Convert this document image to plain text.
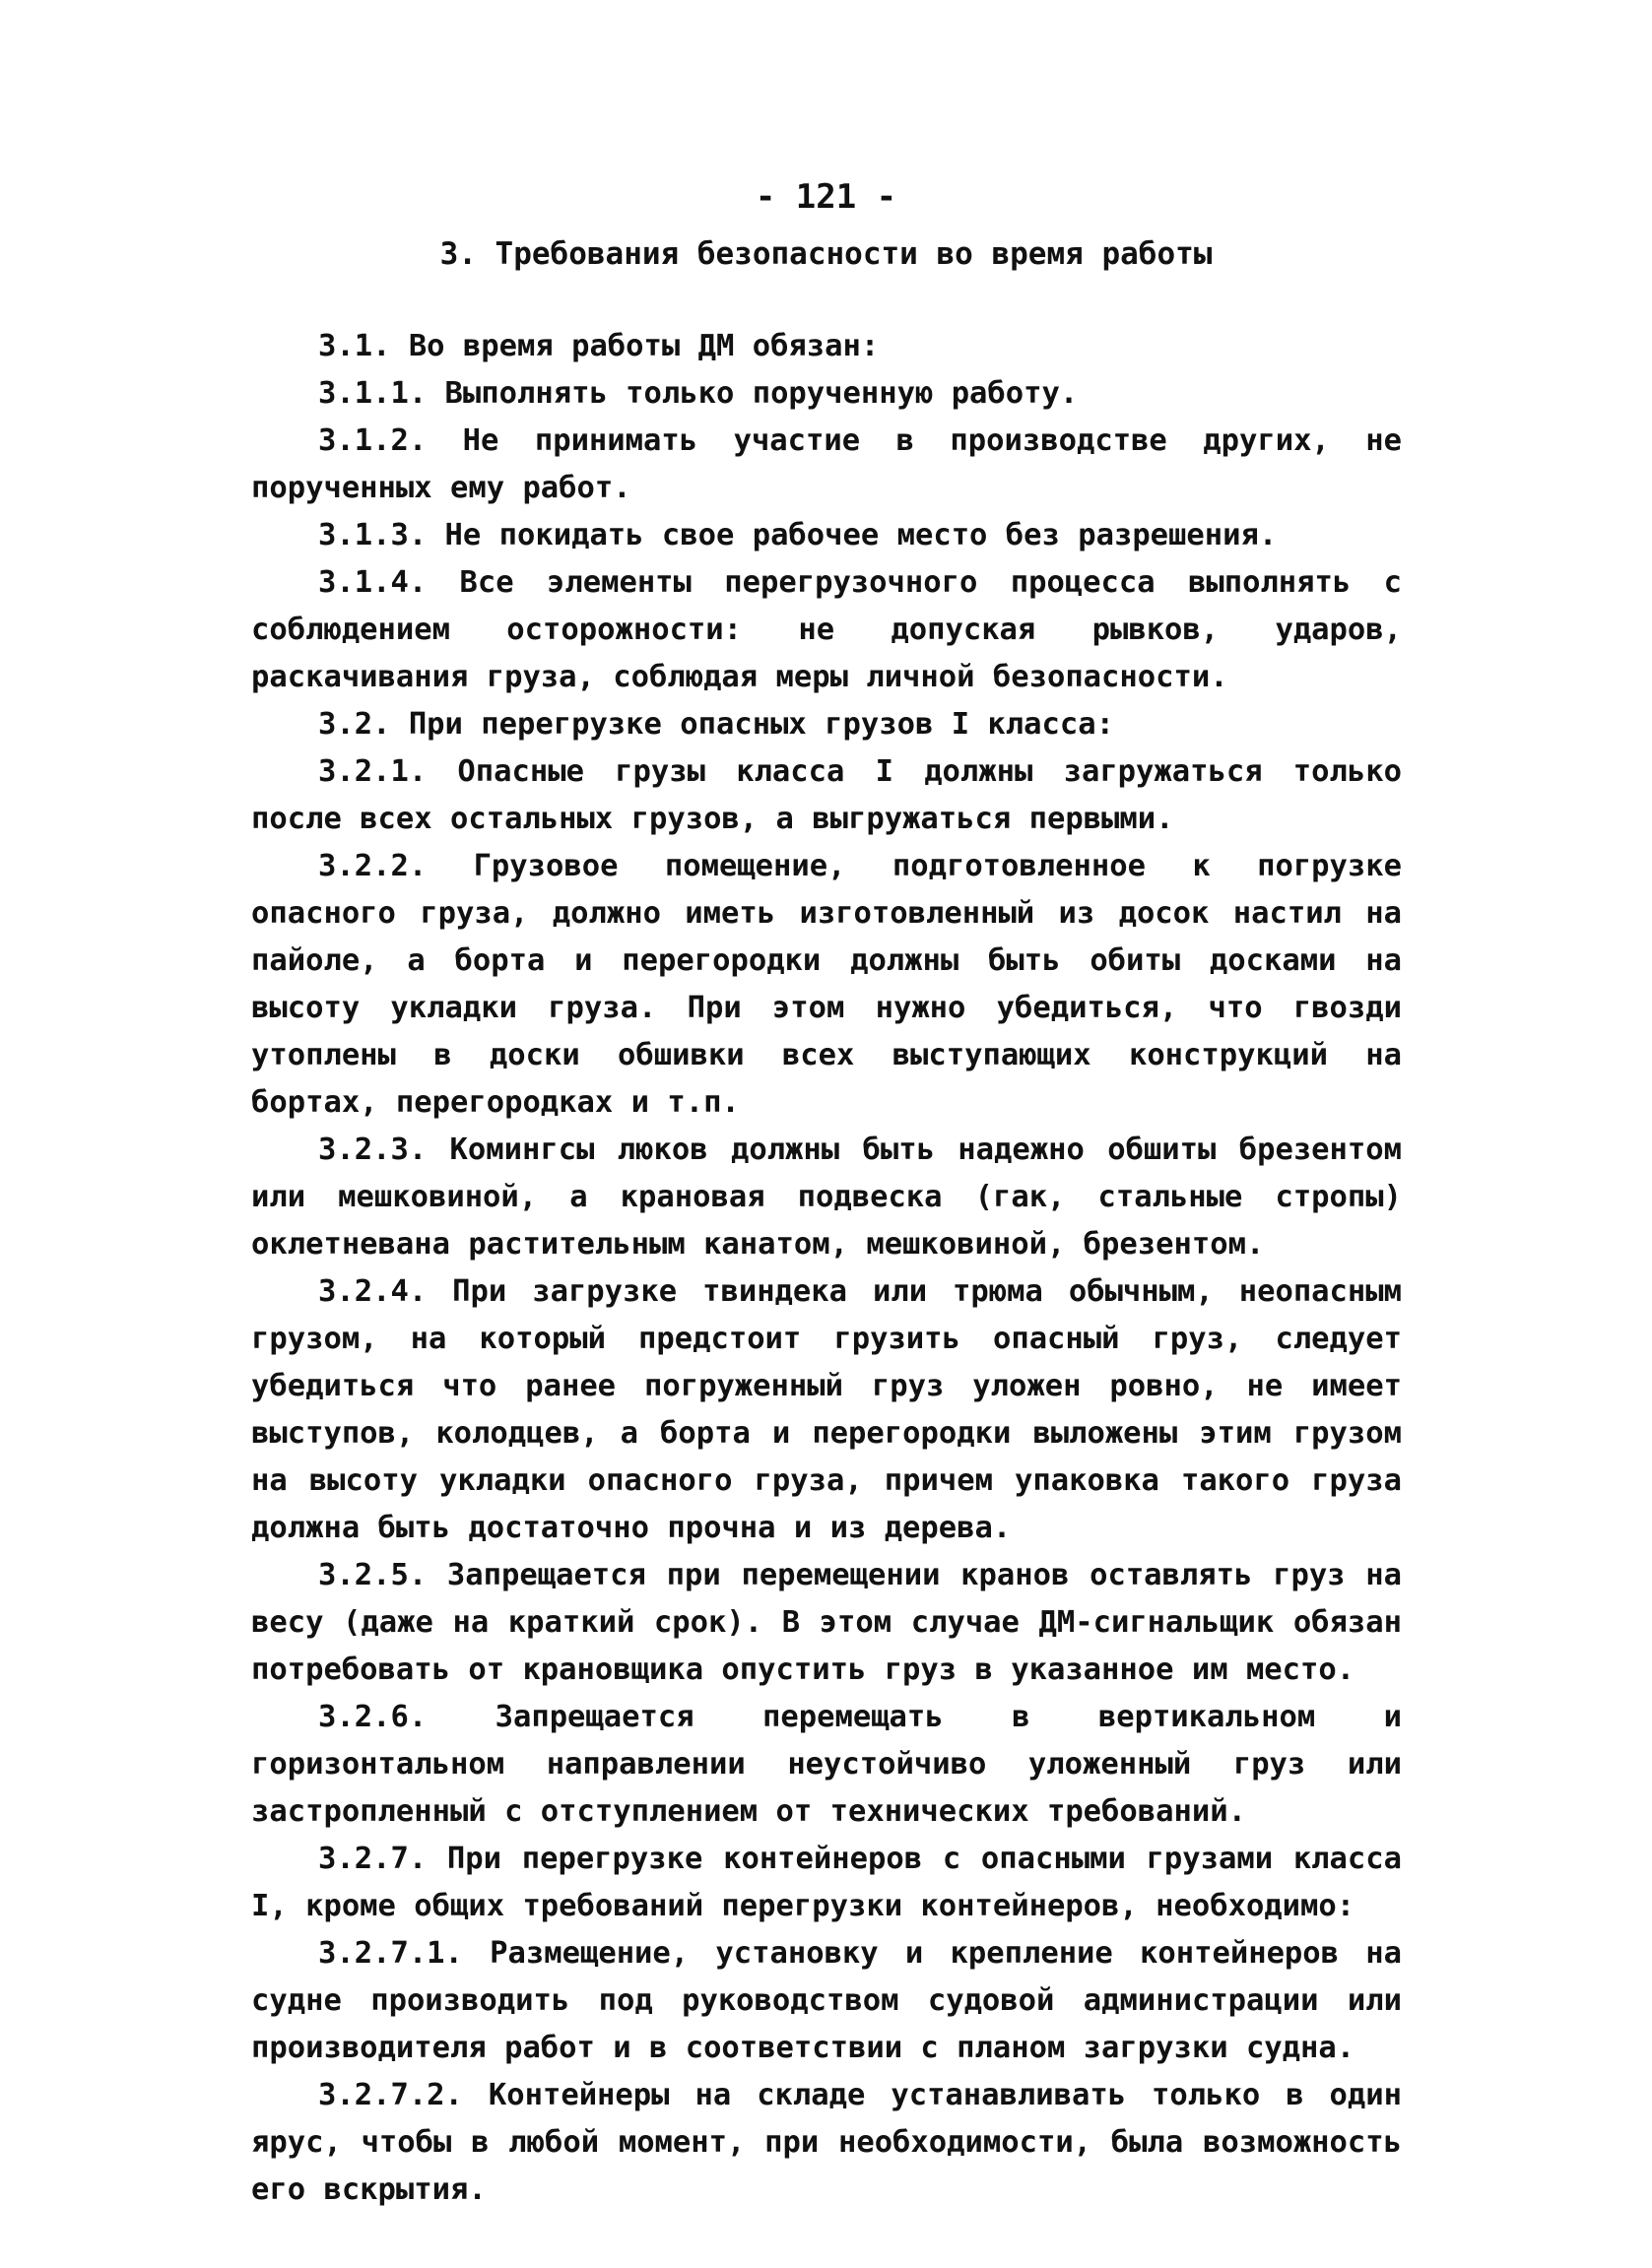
- 121 -
3. Требования безопасности во время работы

3.1. Во время работы ДМ обязан:

3.1.1. Выполнять только порученную работу.

3.1.2. Не принимать участие в производстве других, не порученных ему работ.

3.1.3. Не покидать свое рабочее место без разрешения.

3.1.4. Все элементы перегрузочного процесса выполнять с соблюдением осторожности: не допуская рывков, ударов, раскачивания груза, соблюдая меры личной безопасности.

3.2. При перегрузке опасных грузов I класса:

3.2.1. Опасные грузы класса I должны загружаться только после всех остальных грузов, а выгружаться первыми.

3.2.2. Грузовое помещение, подготовленное к погрузке опасного груза, должно иметь изготовленный из досок настил на пайоле, а борта и перегородки должны быть обиты досками на высоту укладки груза. При этом нужно убедиться, что гвозди утоплены в доски обшивки всех выступающих конструкций на бортах, перегородках и т.п.

3.2.3. Комингсы люков должны быть надежно обшиты брезентом или мешковиной, а крановая подвеска (гак, стальные стропы) оклетневана растительным канатом, мешковиной, брезентом.

3.2.4. При загрузке твиндека или трюма обычным, неопасным грузом, на который предстоит грузить опасный груз, следует убедиться что ранее погруженный груз уложен ровно, не имеет выступов, колодцев, а борта и перегородки выложены этим грузом на высоту укладки опасного груза, причем упаковка такого груза должна быть достаточно прочна и из дерева.

3.2.5. Запрещается при перемещении кранов оставлять груз на весу (даже на краткий срок). В этом случае ДМ-сигнальщик обязан потребовать от крановщика опустить груз в указанное им место.

3.2.6. Запрещается перемещать в вертикальном и горизонтальном направлении неустойчиво уложенный груз или застропленный с отступлением от технических требований.

3.2.7. При перегрузке контейнеров с опасными грузами класса I, кроме общих требований перегрузки контейнеров, необходимо:

3.2.7.1. Размещение, установку и крепление контейнеров на судне производить под руководством судовой администрации или производителя работ и в соответствии с планом загрузки судна.

3.2.7.2. Контейнеры на складе устанавливать только в один ярус, чтобы в любой момент, при необходимости, была возможность его вскрытия.
